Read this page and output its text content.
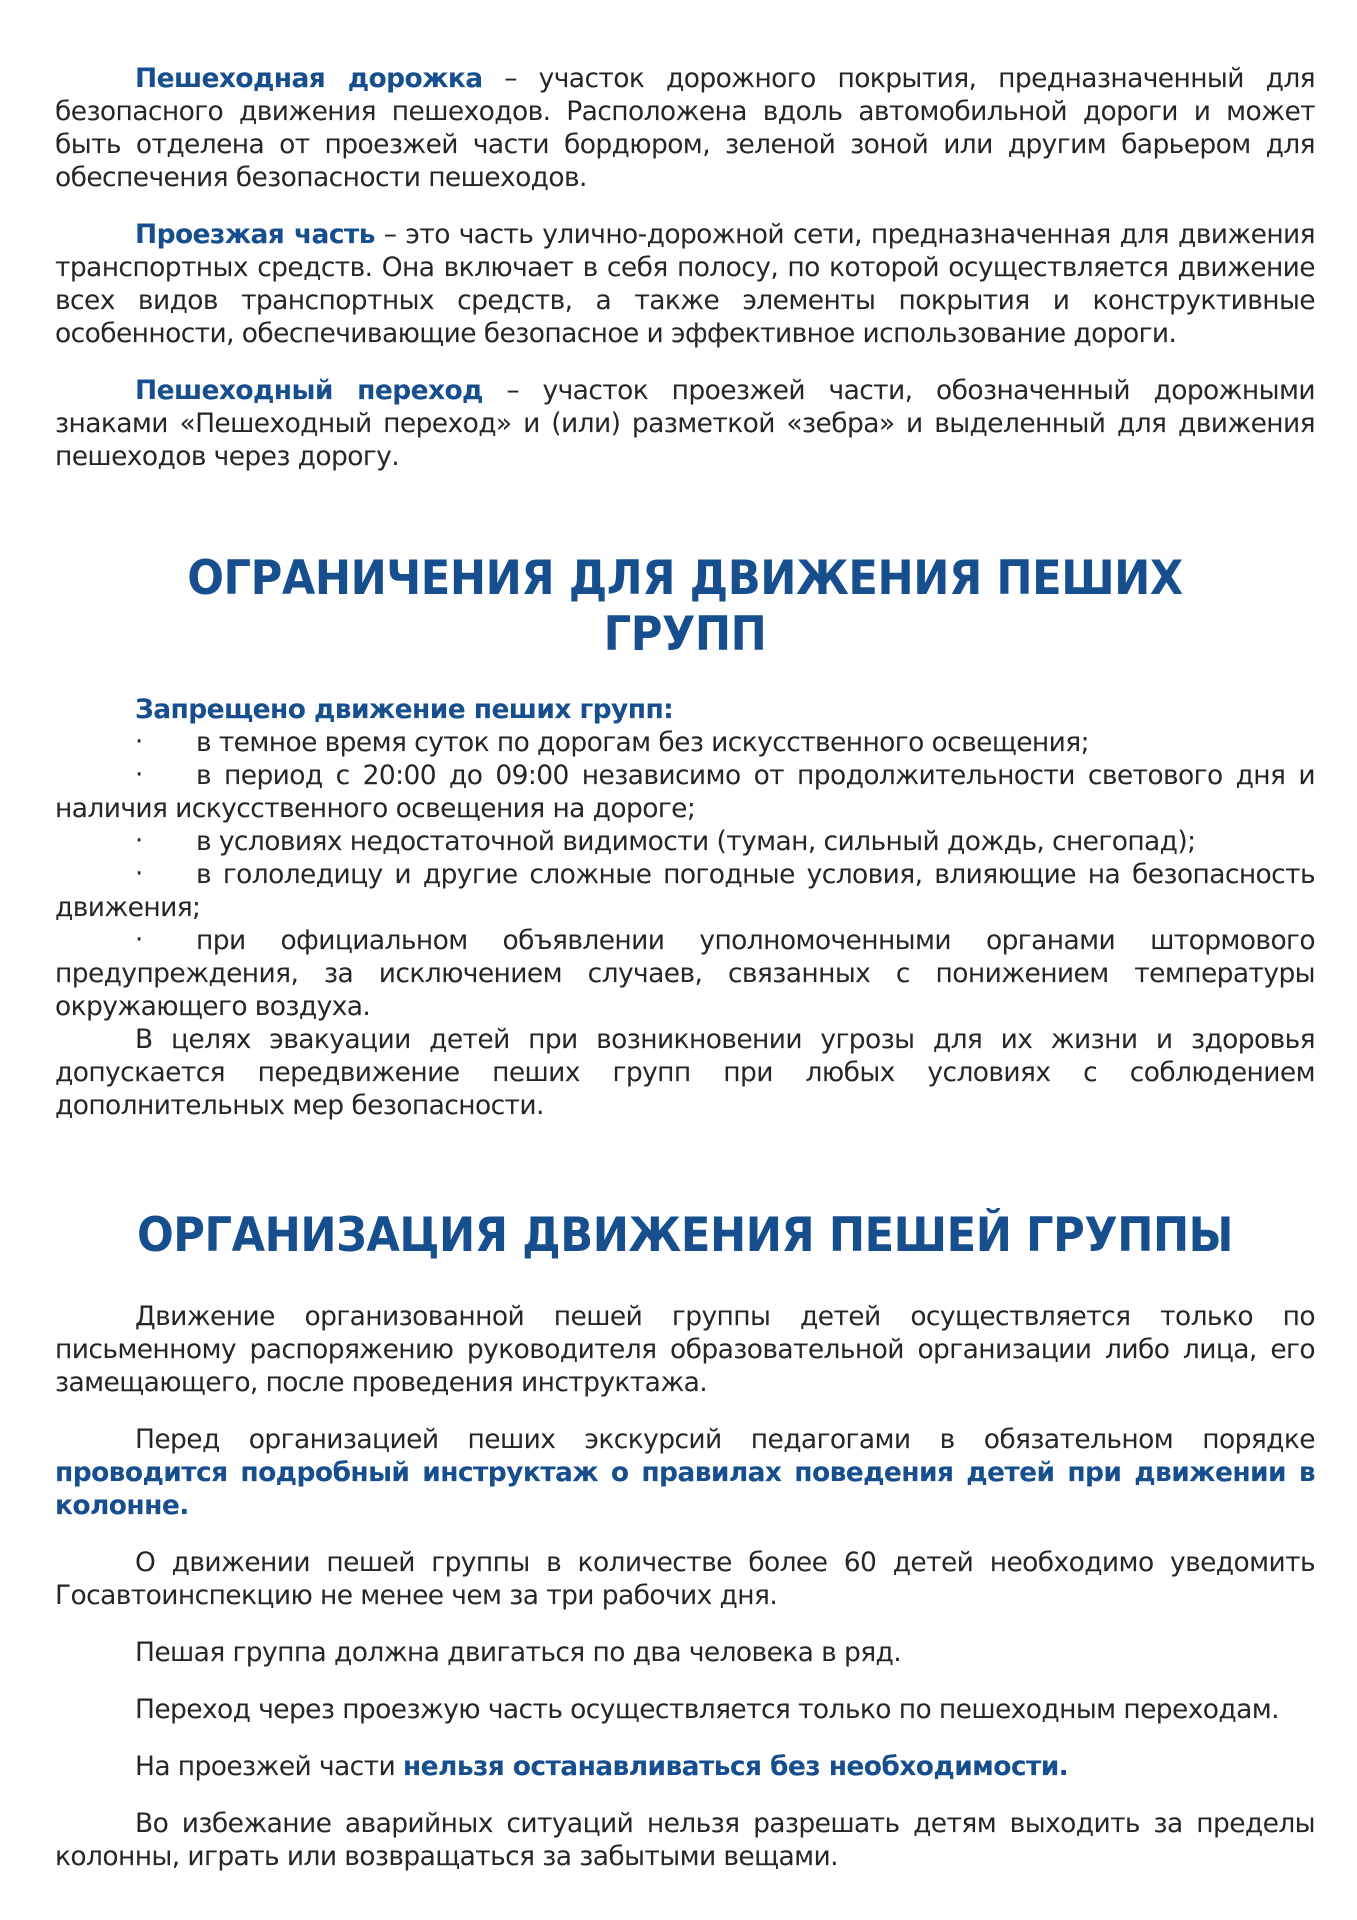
Пешеходная дорожка – участок дорожного покрытия, предназначенный для безопасного движения пешеходов. Расположена вдоль автомобильной дороги и может быть отделена от проезжей части бордюром, зеленой зоной или другим барьером для обеспечения безопасности пешеходов.

Проезжая часть – это часть улично-дорожной сети, предназначенная для движения транспортных средств. Она включает в себя полосу, по которой осуществляется движение всех видов транспортных средств, а также элементы покрытия и конструктивные особенности, обеспечивающие безопасное и эффективное использование дороги.

Пешеходный переход – участок проезжей части, обозначенный дорожными знаками «Пешеходный переход» и (или) разметкой «зебра» и выделенный для движения пешеходов через дорогу.

ОГРАНИЧЕНИЯ ДЛЯ ДВИЖЕНИЯ ПЕШИХ ГРУПП

Запрещено движение пеших групп:

· в темное время суток по дорогам без искусственного освещения;

· в период с 20:00 до 09:00 независимо от продолжительности светового дня и наличия искусственного освещения на дороге;

· в условиях недостаточной видимости (туман, сильный дождь, снегопад);

· в гололедицу и другие сложные погодные условия, влияющие на безопасность движения;

· при официальном объявлении уполномоченными органами штормового предупреждения, за исключением случаев, связанных с понижением температуры окружающего воздуха.

В целях эвакуации детей при возникновении угрозы для их жизни и здоровья допускается передвижение пеших групп при любых условиях с соблюдением дополнительных мер безопасности.

ОРГАНИЗАЦИЯ ДВИЖЕНИЯ ПЕШЕЙ ГРУППЫ

Движение организованной пешей группы детей осуществляется только по письменному распоряжению руководителя образовательной организации либо лица, его замещающего, после проведения инструктажа.

Перед организацией пеших экскурсий педагогами в обязательном порядке проводится подробный инструктаж о правилах поведения детей при движении в колонне.

О движении пешей группы в количестве более 60 детей необходимо уведомить Госавтоинспекцию не менее чем за три рабочих дня.

Пешая группа должна двигаться по два человека в ряд.

Переход через проезжую часть осуществляется только по пешеходным переходам.

На проезжей части нельзя останавливаться без необходимости.

Во избежание аварийных ситуаций нельзя разрешать детям выходить за пределы колонны, играть или возвращаться за забытыми вещами.
